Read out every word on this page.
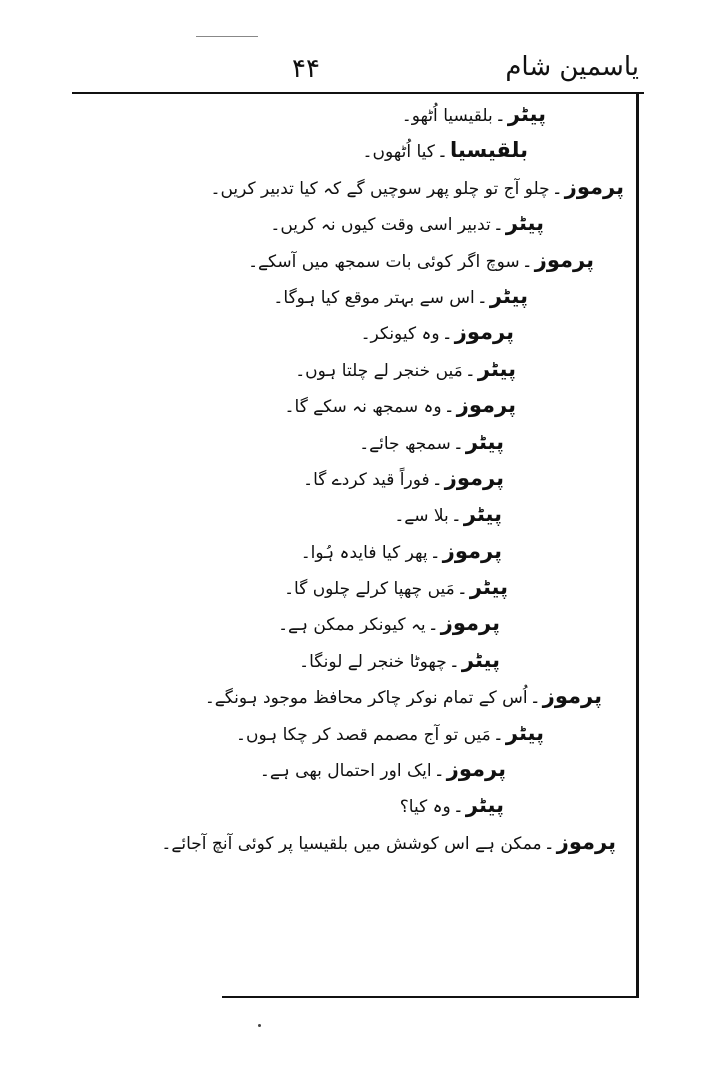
۴۴	یاسمین شام
پیٹر۔بلقیسیا اُٹھو۔
بلقیسیا۔کیا اُٹھوں۔
پرموز۔چلو آج تو چلو پھر سوچیں گے کہ کیا تدبیر کریں۔
پیٹر۔تدبیر اسی وقت کیوں نہ کریں۔
پرموز۔سوچ اگر کوئی بات سمجھ میں آسکے۔
پیٹر۔اس سے بہتر موقع کیا ہوگا۔
پرموز۔وہ کیونکر۔
پیٹر۔مَیں خنجر لے چلتا ہوں۔
پرموز۔وہ سمجھ نہ سکے گا۔
پیٹر۔سمجھ جائے۔
پرموز۔فوراً قید کردے گا۔
پیٹر۔بلا سے۔
پرموز۔پھر کیا فایدہ ہُوا۔
پیٹر۔مَیں چھپا کرلے چلوں گا۔
پرموز۔یہ کیونکر ممکن ہے۔
پیٹر۔چھوٹا خنجر لے لونگا۔
پرموز۔اُس کے تمام نوکر چاکر محافظ موجود ہونگے۔
پیٹر۔مَیں تو آج مصمم قصد کر چکا ہوں۔
پرموز۔ایک اور احتمال بھی ہے۔
پیٹر۔وہ کیا؟
پرموز۔ممکن ہے اس کوشش میں بلقیسیا پر کوئی آنچ آجائے۔
